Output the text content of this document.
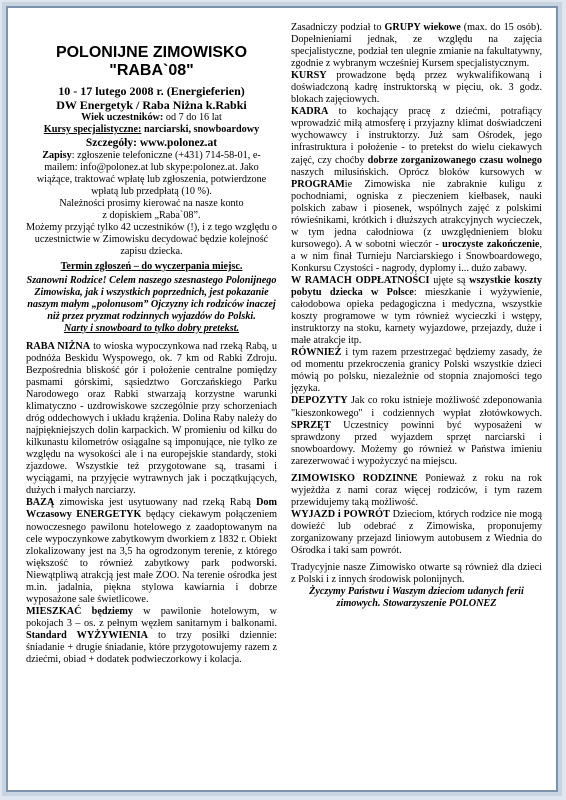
POLONIJNE ZIMOWISKO
"RABA`08"
10 - 17 lutego 2008 r. (Energieferien)
DW Energetyk / Raba Niżna k.Rabki

Wiek uczestników: od 7 do 16 lat

Kursy specjalistyczne: narciarski, snowboardowy

Szczegóły: www.polonez.at

Zapisy: zgłoszenie telefoniczne (+431) 714-58-01, e-mailem: info@polonez.at lub skype:polonez.at. Jako wiążące, traktować wpłatę lub zgłoszenia, potwierdzone wpłatą lub przedpłatą (10 %).

Należności prosimy kierować na nasze konto

z dopiskiem „Raba`08”.

Możemy przyjąć tylko 42 uczestników (!), i z tego względu o uczestnictwie w Zimowisku decydować będzie kolejność zapisu dziecka.

Termin zgłoszeń – do wyczerpania miejsc.

Szanowni Rodzice! Celem naszego szesnastego Polonijnego Zimowiska, jak i wszystkich poprzednich, jest pokazanie naszym małym „polonusom” Ojczyzny ich rodziców inaczej niż przez pryzmat rodzinnych wyjazdów do Polski.

Narty i snowboard to tylko dobry pretekst.

RABA NIŻNA to wioska wypoczynkowa nad rzeką Rabą, u podnóża Beskidu Wyspowego, ok. 7 km od Rabki Zdroju. Bezpośrednia bliskość gór i położenie centralne pomiędzy pasmami górskimi, sąsiedztwo Gorczańskiego Parku Narodowego oraz Rabki stwarzają korzystne warunki klimatyczno - uzdrowiskowe szczególnie przy schorzeniach dróg oddechowych i układu krążenia. Dolina Raby należy do najpiękniejszych dolin karpackich. W promieniu od kilku do kilkunastu kilometrów osiągalne są imponujące, nie tylko ze względu na wysokości ale i na europejskie standardy, stoki zjazdowe. Wszystkie też przygotowane są, trasami i wyciągami, na przyjęcie wytrawnych jak i początkujących, dużych i małych narciarzy.

BAZĄ zimowiska jest usytuowany nad rzeką Rabą Dom Wczasowy ENERGETYK będący ciekawym połączeniem nowoczesnego pawilonu hotelowego z zaadoptowanym na cele wypoczynkowe zabytkowym dworkiem z 1832 r. Obiekt zlokalizowany jest na 3,5 ha ogrodzonym terenie, z którego większość to również zabytkowy park podworski. Niewątpliwą atrakcją jest małe ZOO. Na terenie ośrodka jest m.in. jadalnia, piękna stylowa kawiarnia i dobrze wyposażone sale świetlicowe.

MIESZKAĆ będziemy w pawilonie hotelowym, w pokojach 3 – os. z pełnym węzłem sanitarnym i balkonami. Standard WYŻYWIENIA to trzy posiłki dziennie: śniadanie + drugie śniadanie, które przygotowujemy razem z dziećmi, obiad + dodatek podwieczorkowy i kolacja.

Zasadniczy podział to GRUPY wiekowe (max. do 15 osób). Dopełnieniami jednak, ze względu na zajęcia specjalistyczne, podział ten ulegnie zmianie na fakultatywny, zgodnie z wybranym wcześniej Kursem specjalistycznym.

KURSY prowadzone będą przez wykwalifikowaną i doświadczoną kadrę instruktorską w pięciu, ok. 3 godz. blokach zajęciowych.

KADRA to kochający pracę z dziećmi, potrafiący wprowadzić miłą atmosferę i przyjazny klimat doświadczeni wychowawcy i instruktorzy. Już sam Ośrodek, jego infrastruktura i położenie - to pretekst do wielu ciekawych zajęć, czy choćby dobrze zorganizowanego czasu wolnego naszych milusińskich. Oprócz bloków kursowych w PROGRAMie Zimowiska nie zabraknie kuligu z pochodniami, ogniska z pieczeniem kiełbasek, nauki polskich zabaw i piosenek, wspólnych zajęć z polskimi rówieśnikami, krótkich i dłuższych atrakcyjnych wycieczek, w tym jedna całodniowa (z uwzględnieniem bloku kursowego). A w sobotni wieczór - uroczyste zakończenie, a w nim finał Turnieju Narciarskiego i Snowboardowego, Konkursu Czystości - nagrody, dyplomy i... dużo zabawy.

W RAMACH ODPŁATNOŚCI ujęte są wszystkie koszty pobytu dziecka w Polsce: mieszkanie i wyżywienie, całodobowa opieka pedagogiczna i medyczna, wszystkie koszty programowe w tym również wycieczki i wstępy, instruktorzy na stoku, karnety wyjazdowe, przejazdy, duże i małe atrakcje itp.

RÓWNIEŻ i tym razem przestrzegać będziemy zasady, że od momentu przekroczenia granicy Polski wszystkie dzieci mówią po polsku, niezależnie od stopnia znajomości tego języka.

DEPOZYTY Jak co roku istnieje możliwość zdeponowania "kieszonkowego" i codziennych wypłat złotówkowych. SPRZĘT Uczestnicy powinni być wyposażeni w sprawdzony przed wyjazdem sprzęt narciarski i snowboardowy. Możemy go również w Państwa imieniu zarezerwować i wypożyczyć na miejscu.

ZIMOWISKO RODZINNE Ponieważ z roku na rok wyjeżdża z nami coraz więcej rodziców, i tym razem przewidujemy taką możliwość.

WYJAZD i POWRÓT Dzieciom, których rodzice nie mogą dowieźć lub odebrać z Zimowiska, proponujemy zorganizowany przejazd liniowym autobusem z Wiednia do Ośrodka i taki sam powrót.

Tradycyjnie nasze Zimowisko otwarte są również dla dzieci z Polski i z innych środowisk polonijnych.

Życzymy Państwu i Waszym dzieciom udanych ferii zimowych. Stowarzyszenie POLONEZ
